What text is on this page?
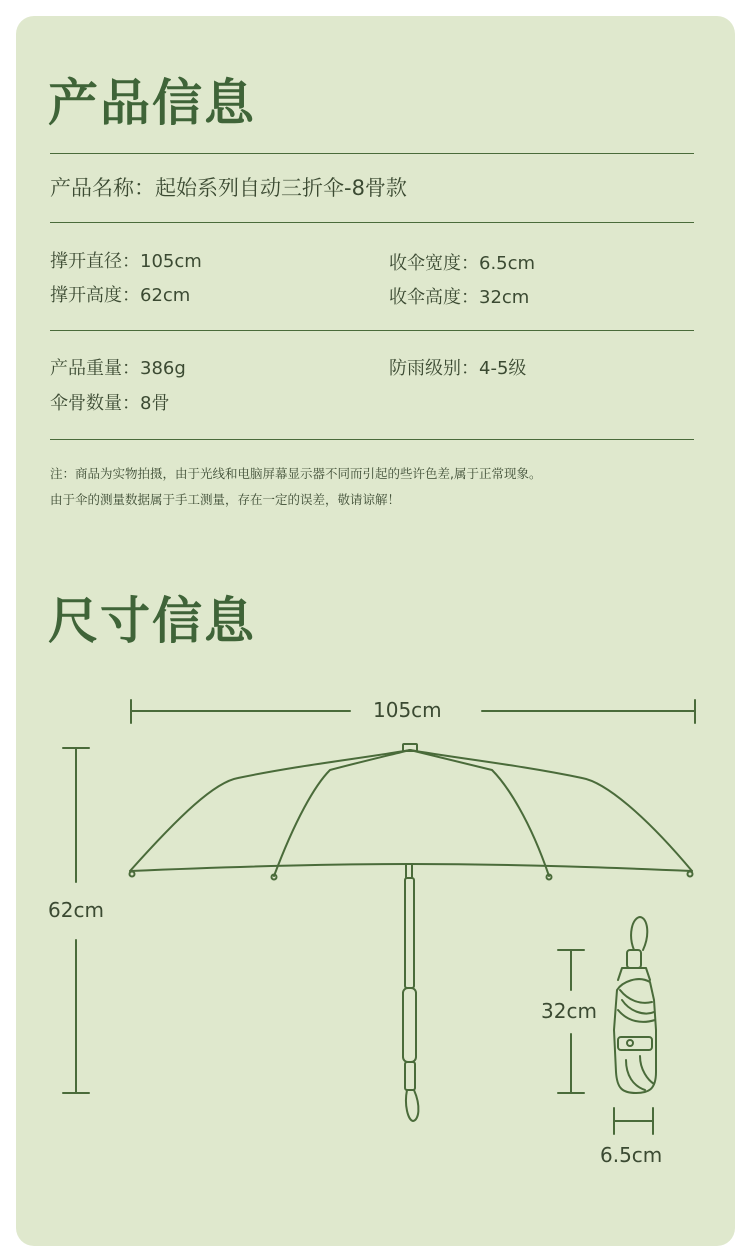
产品信息
产品名称：起始系列自动三折伞-8骨款
撑开直径：105cm	收伞宽度：6.5cm
撑开高度：62cm	收伞高度：32cm
产品重量：386g	防雨级别：4-5级
伞骨数量：8骨
注：商品为实物拍摄，由于光线和电脑屏幕显示器不同而引起的些许色差,属于正常现象。
由于伞的测量数据属于手工测量，存在一定的误差，敬请谅解！
尺寸信息
105cm
62cm
32cm
6.5cm
